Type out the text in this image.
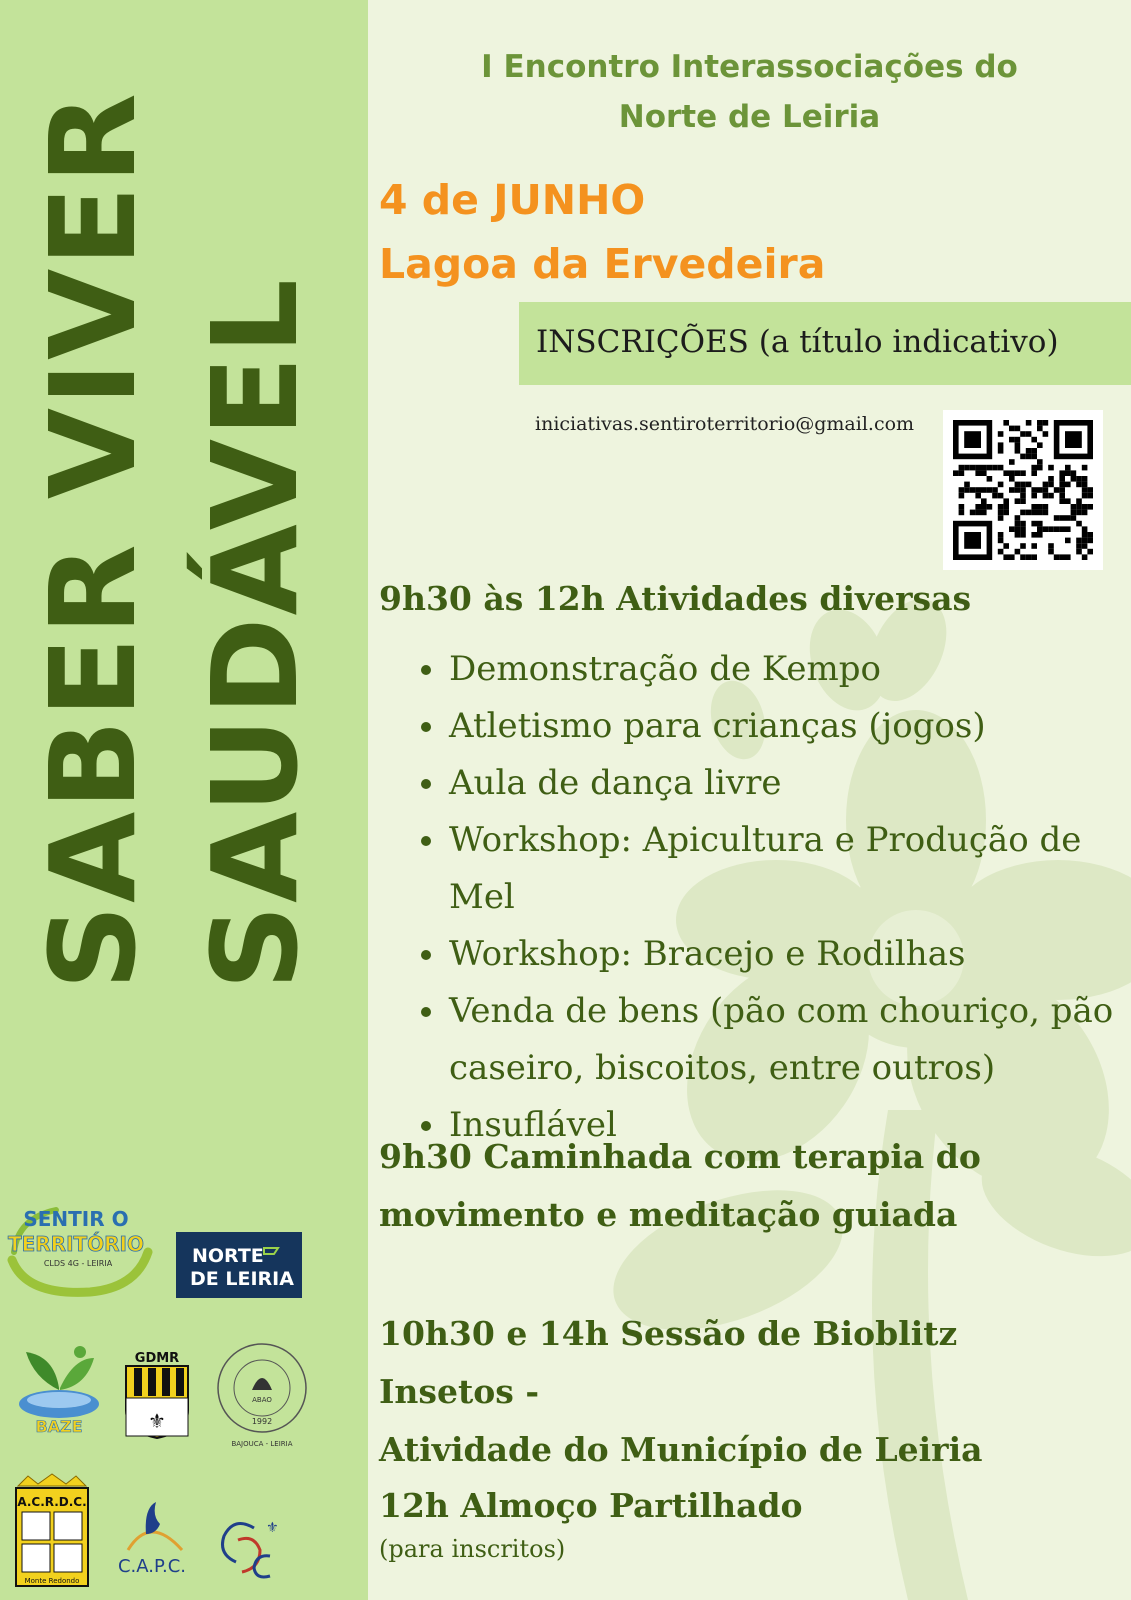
SABER VIVER SAUDÁVEL
SENTIR O
TERRITÓRIO
CLDS 4G - LEIRIA	NORTE
DE LEIRIA
BAZE
GDMR
⚜
ABAO
1992
BAJOUCA - LEIRIA
A.C.R.D.C.
Monte Redondo
C.A.P.C.
⚜
I Encontro Interassociações do
Norte de Leiria
4 de JUNHO
Lagoa da Ervedeira
INSCRIÇÕES (a título indicativo)
iniciativas.sentiroterritorio@gmail.com
9h30 às 12h Atividades diversas
Demonstração de Kempo
Atletismo para crianças (jogos)
Aula de dança livre
Workshop: Apicultura e Produção de Mel
Workshop: Bracejo e Rodilhas
Venda de bens (pão com chouriço, pão caseiro, biscoitos, entre outros)
Insuflável
9h30 Caminhada com terapia do
movimento e meditação guiada
10h30 e 14h Sessão de Bioblitz Insetos -
Atividade do Município de Leiria
12h Almoço Partilhado
(para inscritos)
